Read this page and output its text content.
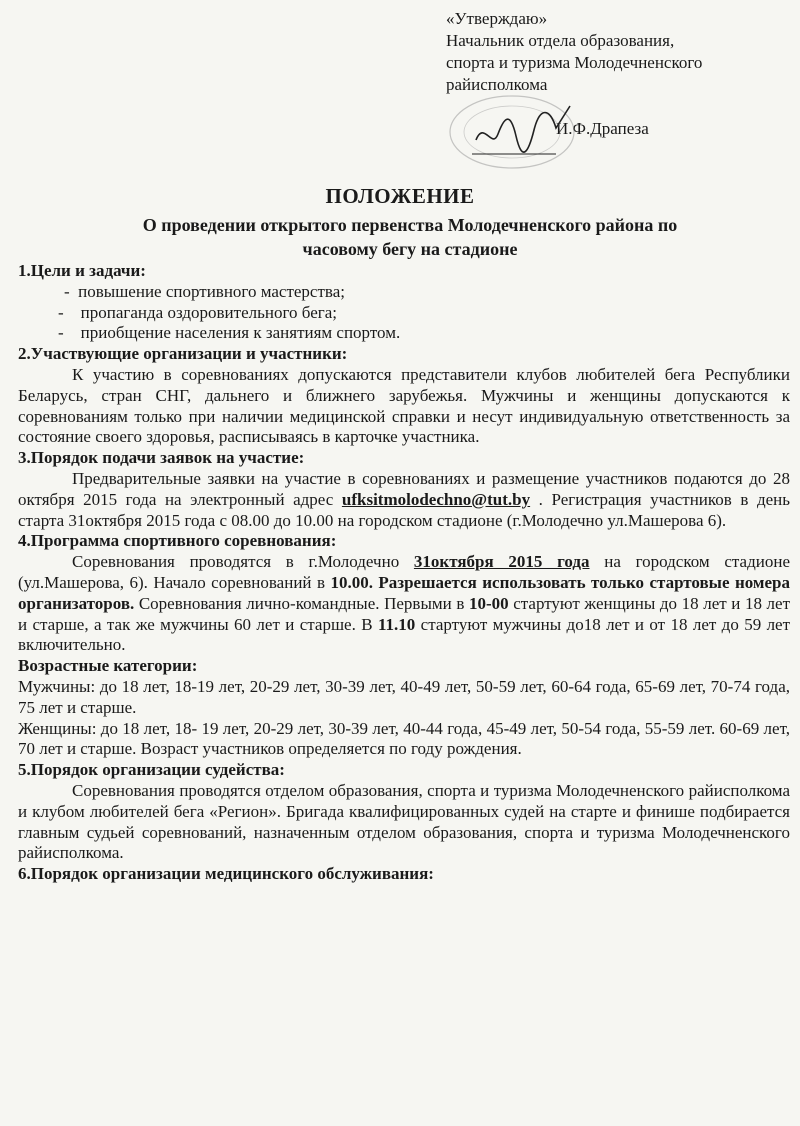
«Утверждаю»
Начальник отдела образования,
спорта и туризма Молодечненского
райисполкома
И.Ф.Драпеза
ПОЛОЖЕНИЕ
О проведении открытого первенства Молодечненского района по
часовому бегу на стадионе

1.Цели и задачи:

-  повышение спортивного мастерства;

-    пропаганда оздоровительного бега;

-    приобщение населения к занятиям спортом.

2.Участвующие организации и участники:

К участию в соревнованиях допускаются представители клубов любителей бега Республики Беларусь, стран СНГ, дальнего и ближнего зарубежья. Мужчины и женщины допускаются к соревнованиям только при наличии медицинской справки и несут индивидуальную ответственность за состояние своего здоровья, расписываясь в карточке участника.

3.Порядок подачи заявок на участие:

Предварительные заявки на участие в соревнованиях и размещение участников подаются до 28 октября 2015 года на электронный адрес ufksitmolodechno@tut.by . Регистрация участников в день старта 31октября 2015 года с 08.00 до 10.00 на городском стадионе (г.Молодечно ул.Машерова 6).

4.Программа спортивного соревнования:

Соревнования проводятся в г.Молодечно 31октября 2015 года на городском стадионе (ул.Машерова, 6). Начало соревнований в 10.00. Разрешается использовать только стартовые номера организаторов. Соревнования лично-командные. Первыми в 10-00 стартуют женщины до 18 лет и 18 лет и старше, а так же мужчины 60 лет и старше. В 11.10 стартуют мужчины до18 лет и от 18 лет до 59 лет включительно.

Возрастные категории:

Мужчины: до 18 лет, 18-19 лет, 20-29 лет, 30-39 лет, 40-49 лет, 50-59 лет, 60-64 года, 65-69 лет, 70-74 года, 75 лет и старше.

Женщины: до 18 лет, 18- 19 лет, 20-29 лет, 30-39 лет, 40-44 года, 45-49 лет, 50-54 года, 55-59 лет. 60-69 лет, 70 лет и старше. Возраст участников определяется по году рождения.

5.Порядок организации судейства:

Соревнования проводятся отделом образования, спорта и туризма Молодечненского райисполкома и клубом любителей бега «Регион». Бригада квалифицированных судей на старте и финише подбирается главным судьей соревнований, назначенным отделом образования, спорта и туризма Молодечненского райисполкома.

6.Порядок организации медицинского обслуживания:
